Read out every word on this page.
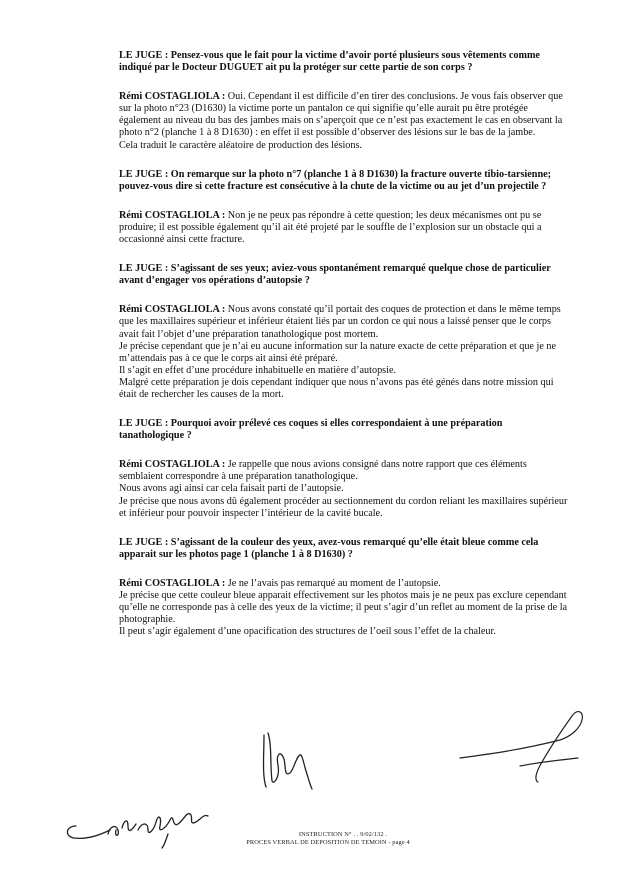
LE JUGE : Pensez-vous que le fait pour la victime d’avoir porté plusieurs sous vêtements comme indiqué par le Docteur DUGUET ait pu la protéger sur cette partie de son corps ?

Rémi COSTAGLIOLA : Oui. Cependant il est difficile d’en tirer des conclusions. Je vous fais observer que sur la photo n°23 (D1630) la victime porte un pantalon ce qui signifie qu’elle aurait pu être protégée également au niveau du bas des jambes mais on s’aperçoit que ce n’est pas exactement le cas en observant la photo n°2 (planche 1 à 8 D1630) : en effet il est possible d’observer des lésions sur le bas de la jambe.

Cela traduit le caractère aléatoire de production des lésions.

LE JUGE : On remarque sur la photo n°7 (planche 1 à 8 D1630) la fracture ouverte tibio-tarsienne; pouvez-vous dire si cette fracture est consécutive à la chute de la victime ou au jet d’un projectile ?

Rémi COSTAGLIOLA : Non je ne peux pas répondre à cette question; les deux mécanismes ont pu se produire; il est possible également qu’il ait été projeté par le souffle de l’explosion sur un obstacle qui a occasionné ainsi cette fracture.

LE JUGE : S’agissant de ses yeux; aviez-vous spontanément remarqué quelque chose de particulier avant d’engager vos opérations d’autopsie ?

Rémi COSTAGLIOLA : Nous avons constaté qu’il portait des coques de protection et dans le même temps que les maxillaires supérieur et inférieur étaient liés par un cordon ce qui nous a laissé penser que le corps avait fait l’objet d’une préparation tanathologique post mortem.

Je précise cependant que je n’ai eu aucune information sur la nature exacte de cette préparation et que je ne m’attendais pas à ce que le corps ait ainsi été préparé.

Il s’agit en effet d’une procédure inhabituelle en matière d’autopsie.

Malgré cette préparation je dois cependant indiquer que nous n’avons pas été génés dans notre mission qui était de rechercher les causes de la mort.

LE JUGE : Pourquoi avoir prélevé ces coques si elles correspondaient à une préparation tanathologique ?

Rémi COSTAGLIOLA : Je rappelle que nous avions consigné dans notre rapport que ces éléments semblaient correspondre à une préparation tanathologique.

Nous avons agi ainsi car cela faisait parti de l’autopsie.

Je précise que nous avons dû également procéder au sectionnement du cordon reliant les maxillaires supérieur et inférieur pour pouvoir inspecter l’intérieur de la cavité bucale.

LE JUGE : S’agissant de la couleur des yeux, avez-vous remarqué qu’elle était bleue comme cela apparait sur les photos page 1 (planche 1 à 8 D1630) ?

Rémi COSTAGLIOLA : Je ne l’avais pas remarqué au moment de l’autopsie.

Je précise que cette couleur bleue apparait effectivement sur les photos mais je ne peux pas exclure cependant qu’elle ne corresponde pas à celle des yeux de la victime; il peut s’agir d’un reflet au moment de la prise de la photographie.

Il peut s’agir également d’une opacification des structures de l’oeil sous l’effet de la chaleur.

INSTRUCTION N° . . 9/02/132 .
PROCES VERBAL DE DEPOSITION DE TEMOIN - page 4
